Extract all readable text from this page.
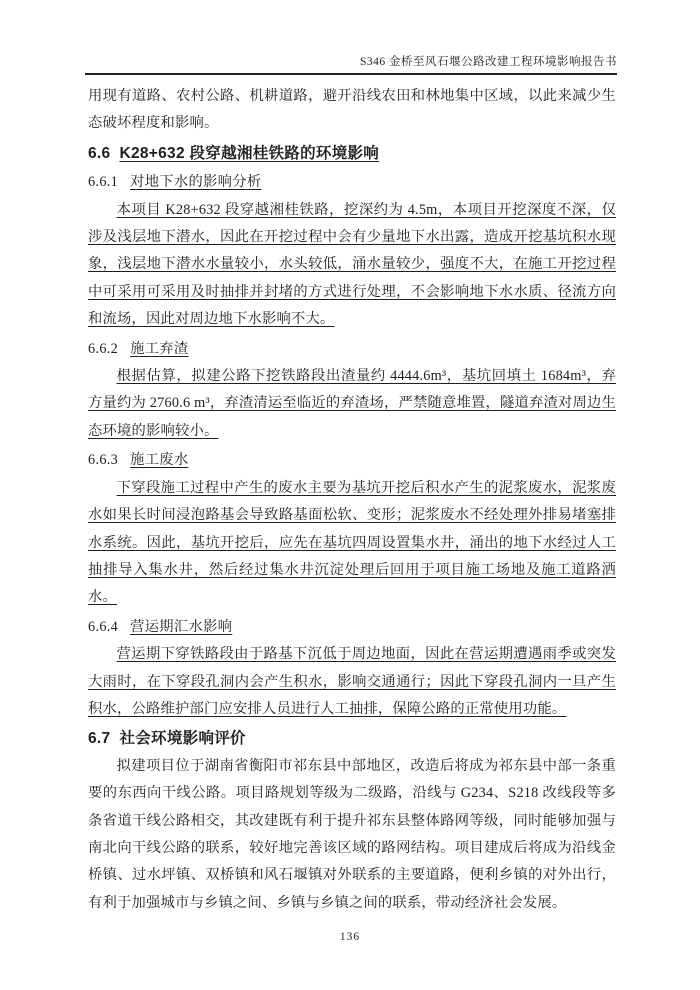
S346 金桥至风石堰公路改建工程环境影响报告书

用现有道路、农村公路、机耕道路，避开沿线农田和林地集中区域，以此来减少生态破坏程度和影响。

6.6 K28+632 段穿越湘桂铁路的环境影响
6.6.1 对地下水的影响分析

本项目 K28+632 段穿越湘桂铁路，挖深约为 4.5m，本项目开挖深度不深，仅涉及浅层地下潜水，因此在开挖过程中会有少量地下水出露，造成开挖基坑积水现象，浅层地下潜水水量较小，水头较低，涌水量较少，强度不大，在施工开挖过程中可采用可采用及时抽排并封堵的方式进行处理，不会影响地下水水质、径流方向和流场，因此对周边地下水影响不大。

6.6.2 施工弃渣

根据估算，拟建公路下挖铁路段出渣量约 4444.6m³，基坑回填土 1684m³，弃方量约为 2760.6 m³，弃渣清运至临近的弃渣场，严禁随意堆置，隧道弃渣对周边生态环境的影响较小。

6.6.3 施工废水

下穿段施工过程中产生的废水主要为基坑开挖后积水产生的泥浆废水，泥浆废水如果长时间浸泡路基会导致路基面松软、变形；泥浆废水不经处理外排易堵塞排水系统。因此，基坑开挖后，应先在基坑四周设置集水井，涌出的地下水经过人工抽排导入集水井，然后经过集水井沉淀处理后回用于项目施工场地及施工道路洒水。

6.6.4 营运期汇水影响

营运期下穿铁路段由于路基下沉低于周边地面，因此在营运期遭遇雨季或突发大雨时，在下穿段孔洞内会产生积水，影响交通通行；因此下穿段孔洞内一旦产生积水，公路维护部门应安排人员进行人工抽排，保障公路的正常使用功能。

6.7 社会环境影响评价

拟建项目位于湖南省衡阳市祁东县中部地区，改造后将成为祁东县中部一条重要的东西向干线公路。项目路规划等级为二级路，沿线与 G234、S218 改线段等多条省道干线公路相交，其改建既有利于提升祁东县整体路网等级，同时能够加强与南北向干线公路的联系，较好地完善该区域的路网结构。项目建成后将成为沿线金桥镇、过水坪镇、双桥镇和风石堰镇对外联系的主要道路，便利乡镇的对外出行，有利于加强城市与乡镇之间、乡镇与乡镇之间的联系，带动经济社会发展。

136
